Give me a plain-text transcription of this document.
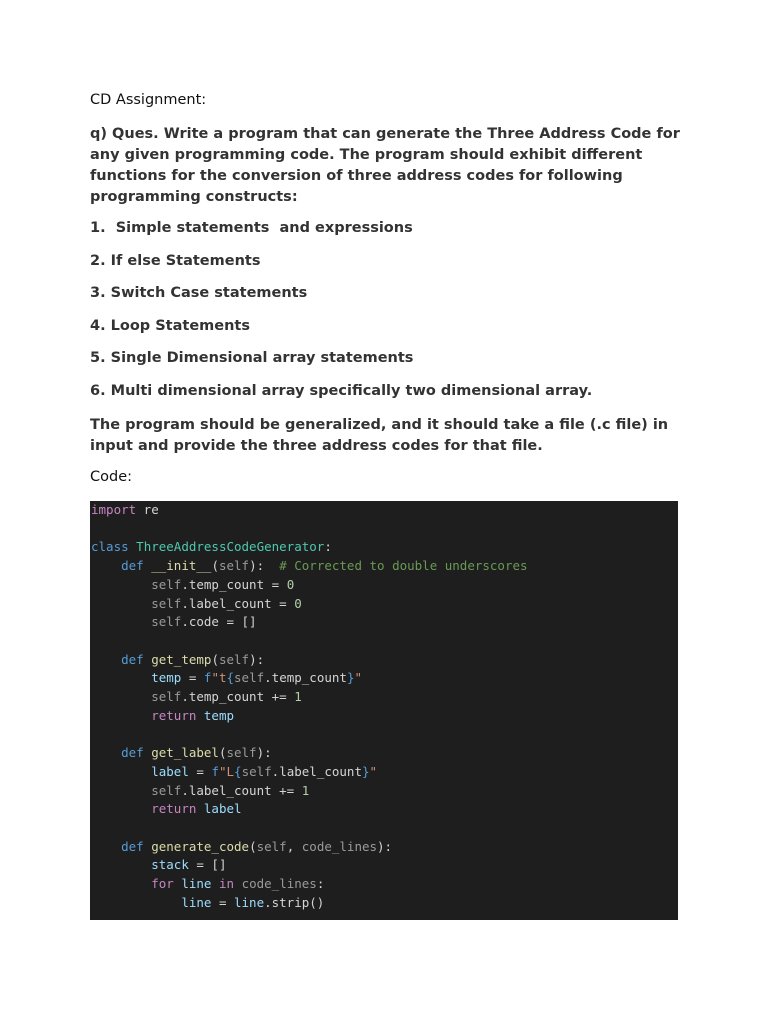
CD Assignment:
q) Ques. Write a program that can generate the Three Address Code for any given programming code. The program should exhibit different functions for the conversion of three address codes for following programming constructs:
1.  Simple statements  and expressions
2. If else Statements
3. Switch Case statements
4. Loop Statements
5. Single Dimensional array statements
6. Multi dimensional array specifically two dimensional array.
The program should be generalized, and it should take a file (.c file) in input and provide the three address codes for that file.
Code:
import re

class ThreeAddressCodeGenerator:
def __init__(self):  # Corrected to double underscores
self.temp_count = 0
self.label_count = 0
self.code = []

def get_temp(self):
temp = f"t{self.temp_count}"
self.temp_count += 1
return temp

def get_label(self):
label = f"L{self.label_count}"
self.label_count += 1
return label

def generate_code(self, code_lines):
stack = []
for line in code_lines:
line = line.strip()
